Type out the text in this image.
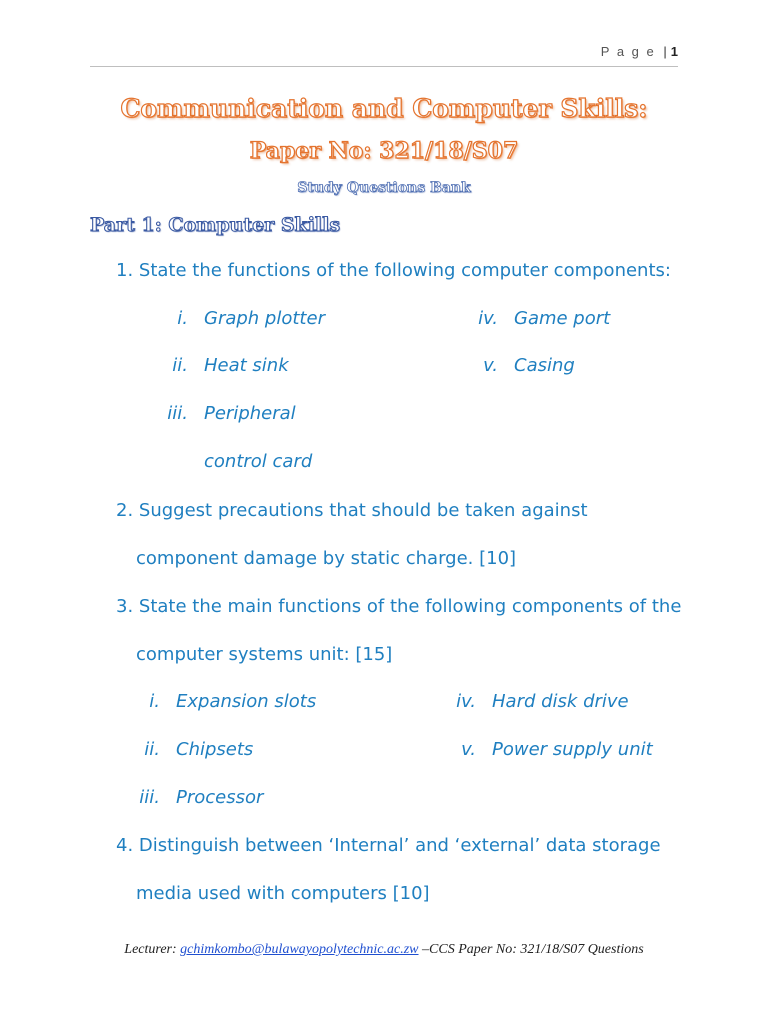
P a g e | 1
Communication and Computer Skills:
Paper No: 321/18/S07
Study Questions Bank
Part 1: Computer Skills
1. State the functions of the following computer components:
i. Graph plotter
ii. Heat sink
iii. Peripheral
control card
iv. Game port
v. Casing
2. Suggest precautions that should be taken against
component damage by static charge. [10]
3. State the main functions of the following components of the
computer systems unit: [15]
i. Expansion slots
ii. Chipsets
iii. Processor
iv. Hard disk drive
v. Power supply unit
4. Distinguish between ‘Internal’ and ‘external’ data storage
media used with computers [10]
Lecturer: gchimkombo@bulawayopolytechnic.ac.zw –CCS Paper No: 321/18/S07 Questions
